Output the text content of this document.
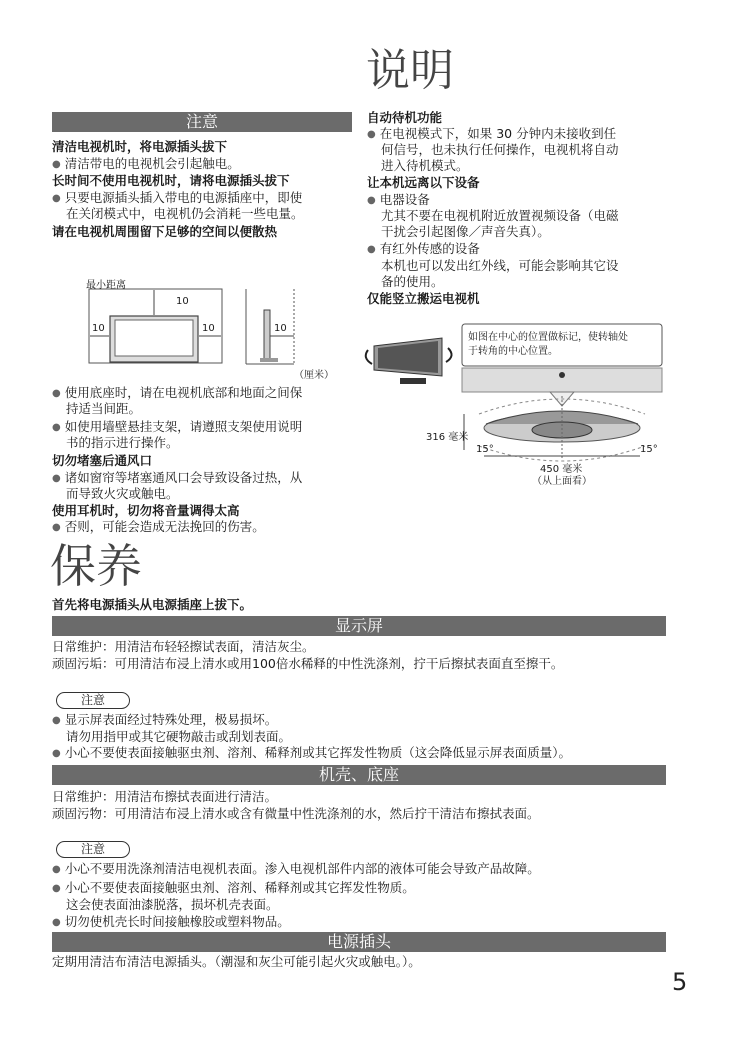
说明
注意
清洁电视机时，将电源插头拔下
● 清洁带电的电视机会引起触电。
长时间不使用电视机时，请将电源插头拔下
● 只要电源插头插入带电的电源插座中，即使
在关闭模式中，电视机仍会消耗一些电量。
请在电视机周围留下足够的空间以便散热
最小距离
10
10	10	10
（厘米）
● 使用底座时，请在电视机底部和地面之间保
持适当间距。
● 如使用墙壁悬挂支架，请遵照支架使用说明
书的指示进行操作。
切勿堵塞后通风口
● 诸如窗帘等堵塞通风口会导致设备过热，从
而导致火灾或触电。
使用耳机时，切勿将音量调得太高
● 否则，可能会造成无法挽回的伤害。
自动待机功能
● 在电视模式下，如果 30 分钟内未接收到任
何信号，也未执行任何操作，电视机将自动
进入待机模式。
让本机远离以下设备
● 电器设备
尤其不要在电视机附近放置视频设备（电磁
干扰会引起图像／声音失真）。
● 有红外传感的设备
本机也可以发出红外线，可能会影响其它设
备的使用。
仅能竖立搬运电视机
如图在中心的位置做标记，使转轴处
于转角的中心位置。
316 毫米
15°	15°
450 毫米
（从上面看）
保养
首先将电源插头从电源插座上拔下。
显示屏
日常维护：用清洁布轻轻擦试表面，清洁灰尘。
顽固污垢：可用清洁布浸上清水或用100倍水稀释的中性洗涤剂，拧干后擦拭表面直至擦干。
注意
● 显示屏表面经过特殊处理，极易损坏。
请勿用指甲或其它硬物敲击或刮划表面。
● 小心不要使表面接触驱虫剂、溶剂、稀释剂或其它挥发性物质（这会降低显示屏表面质量）。
机壳、底座
日常维护：用清洁布擦拭表面进行清洁。
顽固污物：可用清洁布浸上清水或含有微量中性洗涤剂的水，然后拧干清洁布擦拭表面。
注意
● 小心不要用洗涤剂清洁电视机表面。渗入电视机部件内部的液体可能会导致产品故障。
● 小心不要使表面接触驱虫剂、溶剂、稀释剂或其它挥发性物质。
这会使表面油漆脱落，损坏机壳表面。
● 切勿使机壳长时间接触橡胶或塑料物品。
电源插头
定期用清洁布清洁电源插头。（潮湿和灰尘可能引起火灾或触电。）。
5
